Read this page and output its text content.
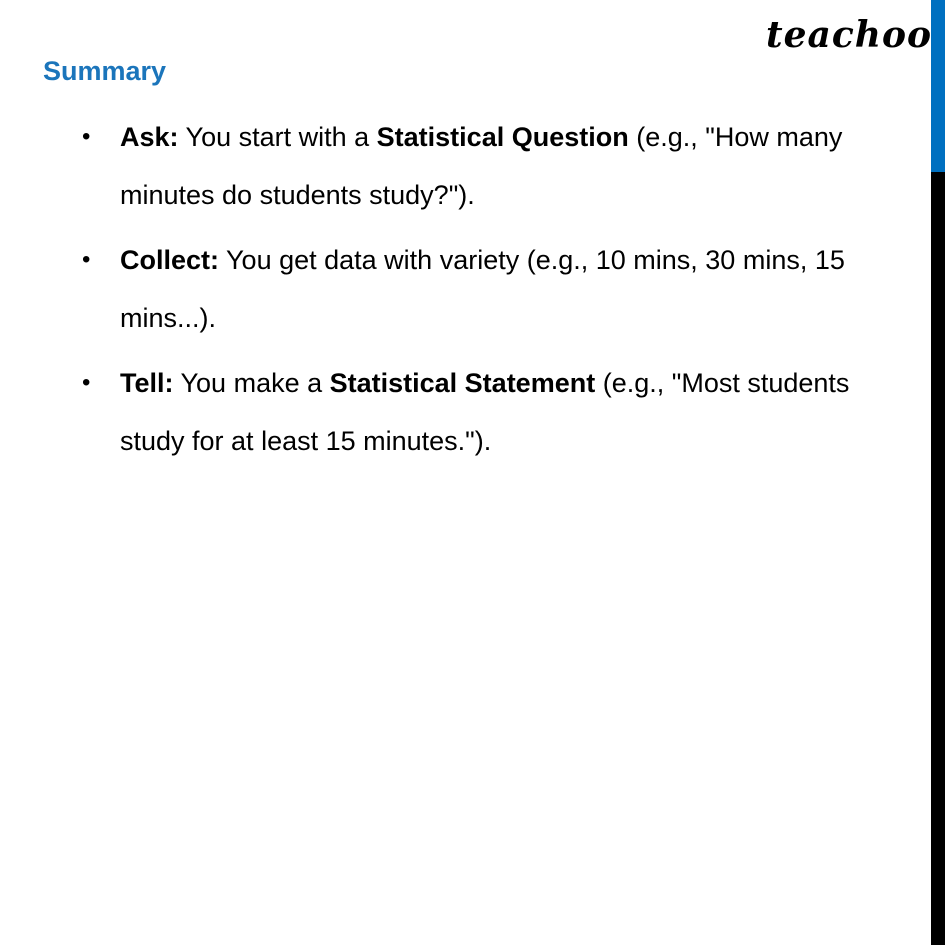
teachoo
Summary
• Ask: You start with a Statistical Question (e.g., "How many minutes do students study?").
• Collect: You get data with variety (e.g., 10 mins, 30 mins, 15 mins...).
• Tell: You make a Statistical Statement (e.g., "Most students study for at least 15 minutes.").
